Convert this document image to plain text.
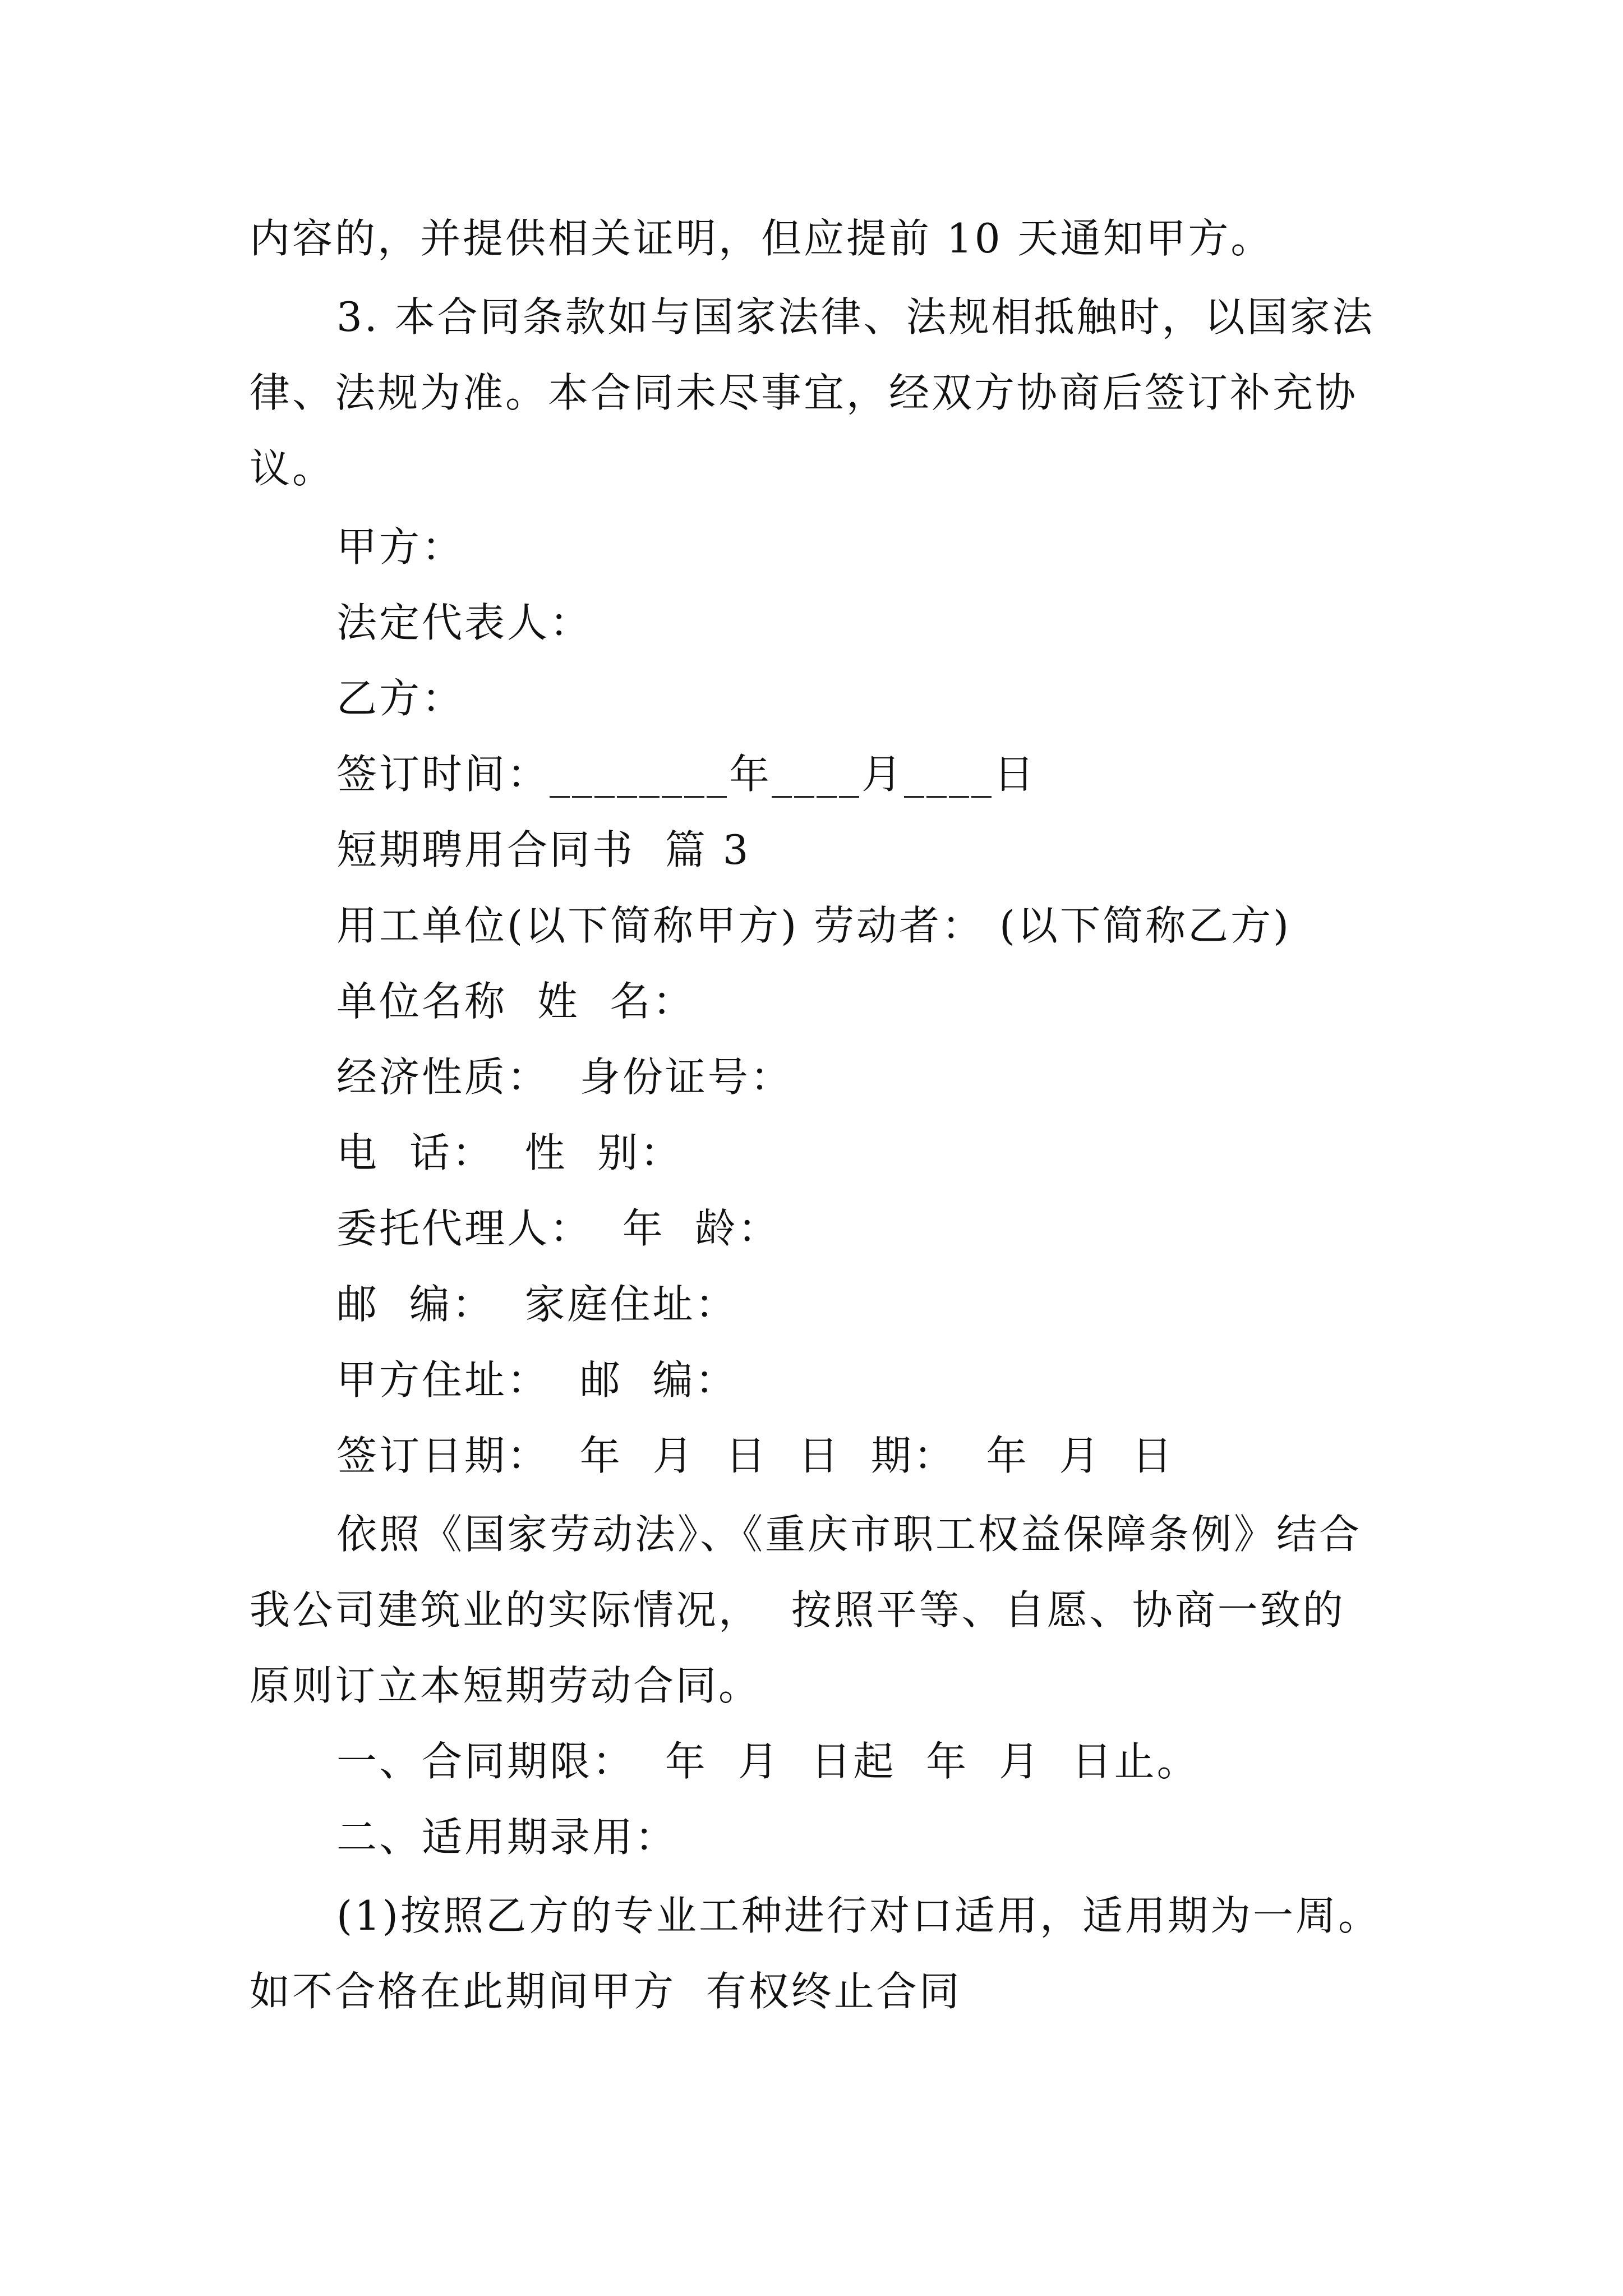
内容的，并提供相关证明，但应提前 10 天通知甲方。
3. 本合同条款如与国家法律、法规相抵触时，以国家法
律、法规为准。本合同未尽事宜，经双方协商后签订补充协
议。
甲方：
法定代表人：
乙方：
签订时间：________年____月____日
短期聘用合同书  篇 3
用工单位(以下简称甲方) 劳动者： (以下简称乙方)
单位名称  姓  名：
经济性质：  身份证号：
电  话：  性  别：
委托代理人：  年  龄：
邮  编：  家庭住址：
甲方住址：  邮  编：
签订日期：  年  月  日  日  期：  年  月  日
依照《国家劳动法》、《重庆市职工权益保障条例》结合
我公司建筑业的实际情况，  按照平等、自愿、协商一致的
原则订立本短期劳动合同。
一、合同期限：  年  月  日起  年  月  日止。
二、适用期录用：
(1)按照乙方的专业工种进行对口适用，适用期为一周。
如不合格在此期间甲方  有权终止合同
